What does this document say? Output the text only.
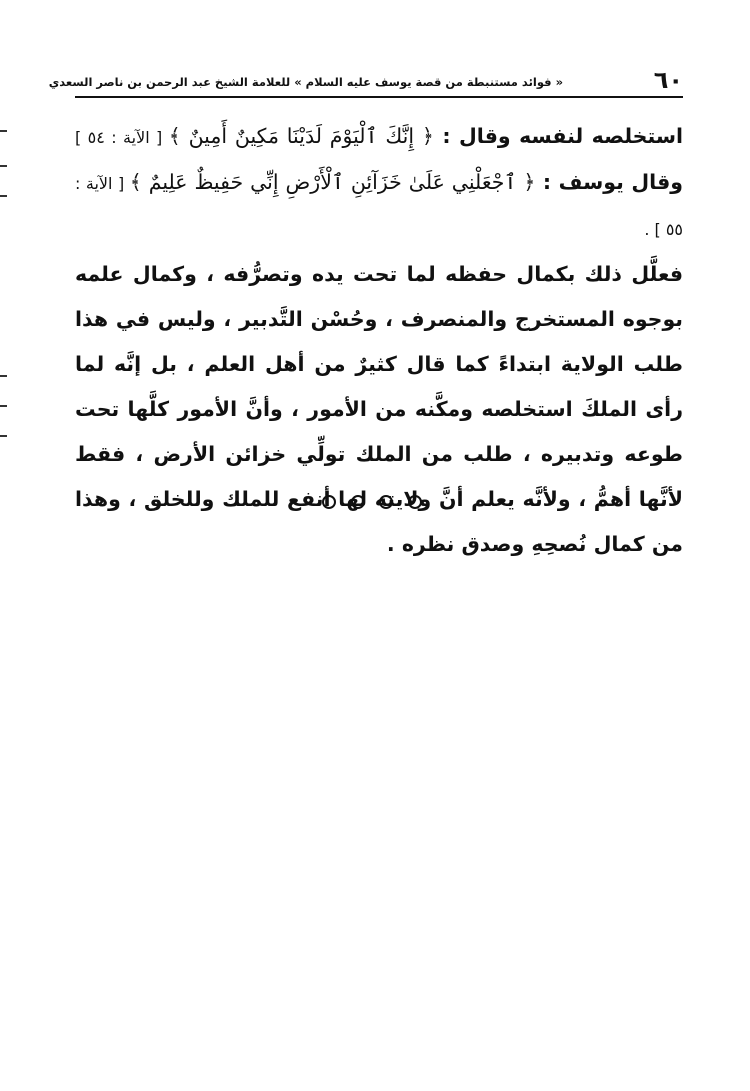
٦٠
« فوائد مستنبطة من قصة يوسف عليه السلام » للعلامة الشيخ عبد الرحمن بن ناصر السعدي

استخلصه لنفسه وقال : ﴿ إِنَّكَ ٱلْيَوْمَ لَدَيْنَا مَكِينٌ أَمِينٌ ﴾ [ الآية : ٥٤ ] وقال يوسف : ﴿ ٱجْعَلْنِي عَلَىٰ خَزَآئِنِ ٱلْأَرْضِ إِنِّي حَفِيظٌ عَلِيمٌ ﴾ [ الآية : ٥٥ ] .

فعلَّل ذلك بكمال حفظه لما تحت يده وتصرُّفه ، وكمال علمه بوجوه المستخرج والمنصرف ، وحُسْن التَّدبير ، وليس في هذا طلب الولاية ابتداءً كما قال كثيرٌ من أهل العلم ، بل إنَّه لما رأى الملكَ استخلصه ومكَّنه من الأمور ، وأنَّ الأمور كلَّها تحت طوعه وتدبيره ، طلب من الملك تولِّي خزائن الأرض ، فقط لأنَّها أهمُّ ، ولأنَّه يعلم أنَّ ولايته لها أنفع للملك وللخلق ، وهذا من كمال نُصحِهِ وصدق نظره .
